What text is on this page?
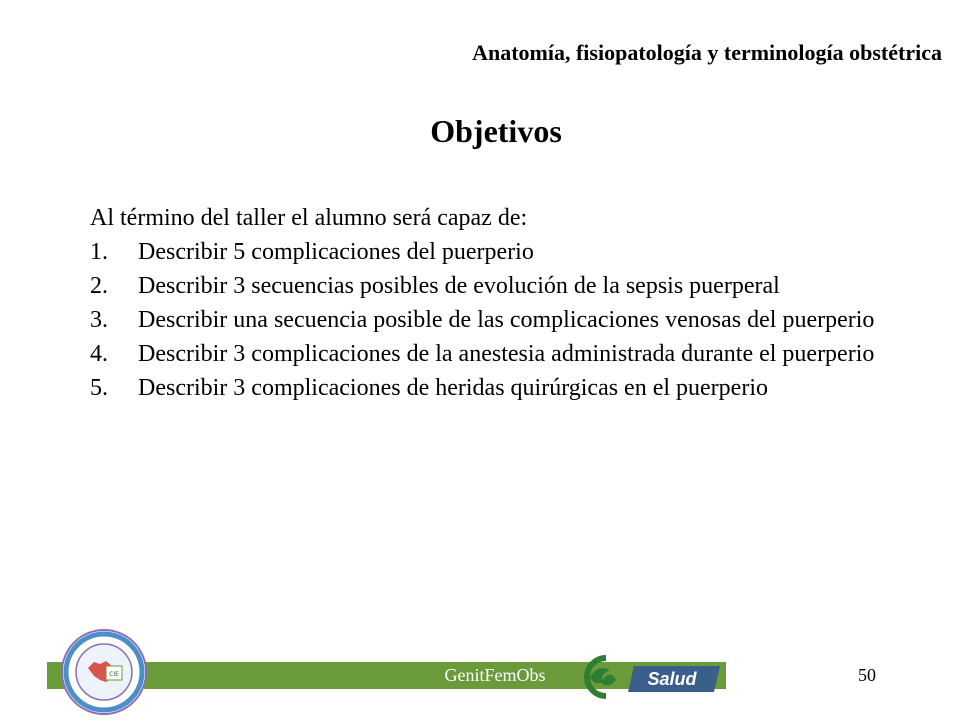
Anatomía, fisiopatología y terminología obstétrica
Objetivos
Al término del taller el alumno será capaz de:
1. Describir 5 complicaciones del puerperio
2. Describir 3 secuencias posibles de evolución de la sepsis puerperal
3. Describir una secuencia posible de las complicaciones venosas del puerperio
4. Describir 3 complicaciones de la anestesia administrada durante el puerperio
5. Describir 3 complicaciones de heridas quirúrgicas en el puerperio
GenitFemObs	50
CIE	Salud
